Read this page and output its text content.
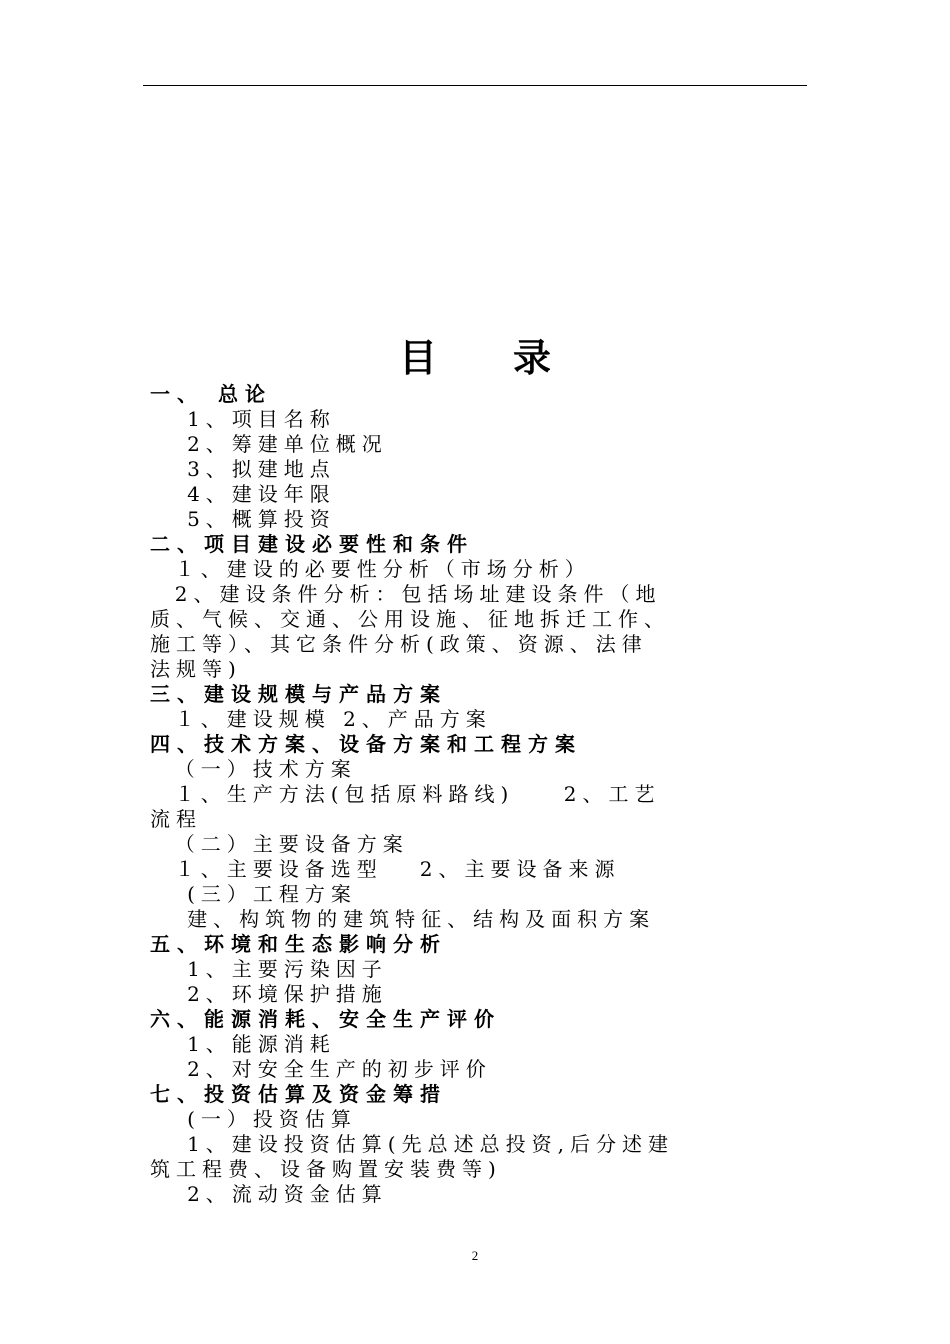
目　　录
一、 总论
1、项目名称
2、筹建单位概况
3、拟建地点
4、建设年限
5、概算投资
二、项目建设必要性和条件
１、建设的必要性分析（市场分析）
2、建设条件分析：包括场址建设条件（地
质、气候、交通、公用设施、征地拆迁工作、
施工等）、其它条件分析(政策、资源、法律
法规等)
三、建设规模与产品方案
１、建设规模 2、产品方案
四、技术方案、设备方案和工程方案
（一）技术方案
１、生产方法(包括原料路线)    2、工艺
流程
（二）主要设备方案
１、主要设备选型   2、主要设备来源
(三）工程方案
建、构筑物的建筑特征、结构及面积方案
五、环境和生态影响分析
1、主要污染因子
2、环境保护措施
六、能源消耗、安全生产评价
1、能源消耗
2、对安全生产的初步评价
七、投资估算及资金筹措
(一）投资估算
1、建设投资估算(先总述总投资,后分述建
筑工程费、设备购置安装费等)
2、流动资金估算
2
